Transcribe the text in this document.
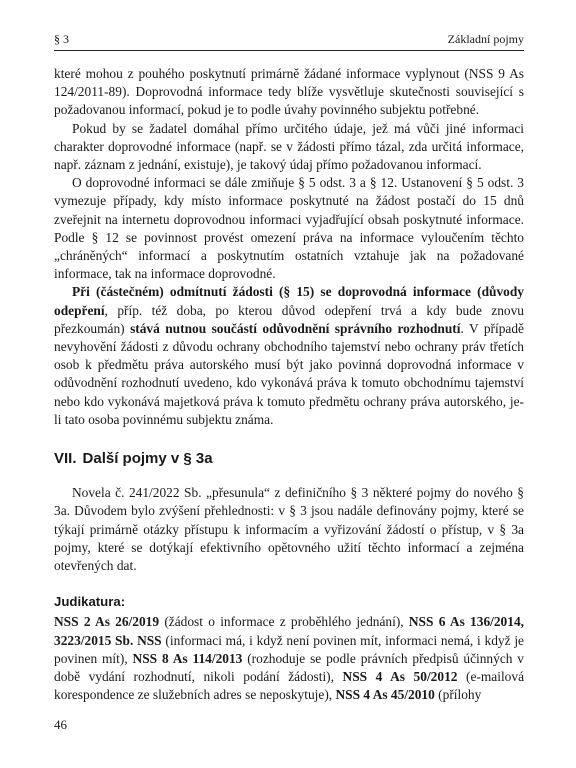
§ 3	Základní pojmy

které mohou z pouhého poskytnutí primárně žádané informace vyplynout (NSS 9 As 124/2011-89). Doprovodná informace tedy blíže vysvětluje skutečnosti související s požadovanou informací, pokud je to podle úvahy povinného subjektu potřebné.

Pokud by se žadatel domáhal přímo určitého údaje, jež má vůči jiné informaci charakter doprovodné informace (např. se v žádosti přímo tázal, zda určitá informace, např. záznam z jednání, existuje), je takový údaj přímo požadovanou informací.

O doprovodné informaci se dále zmiňuje § 5 odst. 3 a § 12. Ustanovení § 5 odst. 3 vymezuje případy, kdy místo informace poskytnuté na žádost postačí do 15 dnů zveřejnit na internetu doprovodnou informaci vyjadřující obsah poskytnuté informace. Podle § 12 se povinnost provést omezení práva na informace vyloučením těchto „chráněných“ informací a poskytnutím ostatních vztahuje jak na požadované informace, tak na informace doprovodné.

Při (částečném) odmítnutí žádosti (§ 15) se doprovodná informace (důvody odepření, příp. též doba, po kterou důvod odepření trvá a kdy bude znovu přezkoumán) stává nutnou součástí odůvodnění správního rozhodnutí. V případě nevyhovění žádosti z důvodu ochrany obchodního tajemství nebo ochrany práv třetích osob k předmětu práva autorského musí být jako povinná doprovodná informace v odůvodnění rozhodnutí uvedeno, kdo vykonává práva k tomuto obchodnímu tajemství nebo kdo vykonává majetková práva k tomuto předmětu ochrany práva autorského, je-li tato osoba povinnému subjektu známa.

VII. Další pojmy v § 3a

Novela č. 241/2022 Sb. „přesunula“ z definičního § 3 některé pojmy do nového § 3a. Důvodem bylo zvýšení přehlednosti: v § 3 jsou nadále definovány pojmy, které se týkají primárně otázky přístupu k informacím a vyřizování žádostí o přístup, v § 3a pojmy, které se dotýkají efektivního opětovného užití těchto informací a zejména otevřených dat.

Judikatura:

NSS 2 As 26/2019 (žádost o informace z proběhlého jednání), NSS 6 As 136/2014, 3223/2015 Sb. NSS (informaci má, i když není povinen mít, informaci nemá, i když je povinen mít), NSS 8 As 114/2013 (rozhoduje se podle právních předpisů účinných v době vydání rozhodnutí, nikoli podání žádosti), NSS 4 As 50/2012 (e-mailová korespondence ze služebních adres se neposkytuje), NSS 4 As 45/2010 (přílohy

46
